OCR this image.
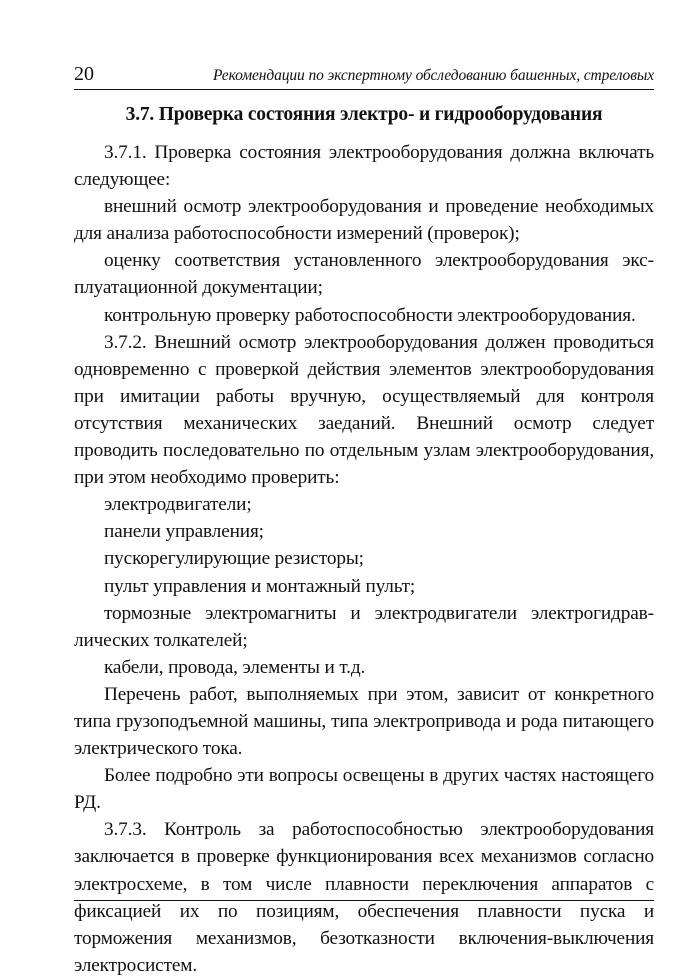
20	Рекомендации по экспертному обследованию башенных, стреловых
3.7. Проверка состояния электро- и гидрооборудования

3.7.1. Проверка состояния электрооборудования должна включать следующее:

внешний осмотр электрооборудования и проведение необходимых для анализа работоспособности измерений (проверок);

оценку соответствия установленного электрооборудования эксплуатационной документации;

контрольную проверку работоспособности электрооборудования.

3.7.2. Внешний осмотр электрооборудования должен проводиться одновременно с проверкой действия элементов электрооборудования при имитации работы вручную, осуществляемый для контроля отсутствия механических заеданий. Внешний осмотр следует проводить последовательно по отдельным узлам электрооборудования, при этом необходимо проверить:

электродвигатели;

панели управления;

пускорегулирующие резисторы;

пульт управления и монтажный пульт;

тормозные электромагниты и электродвигатели электрогидравлических толкателей;

кабели, провода, элементы и т.д.

Перечень работ, выполняемых при этом, зависит от конкретного типа грузоподъемной машины, типа электропривода и рода питающего электрического тока.

Более подробно эти вопросы освещены в других частях настоящего РД.

3.7.3. Контроль за работоспособностью электрооборудования заключается в проверке функционирования всех механизмов согласно электросхеме, в том числе плавности переключения аппаратов с фиксацией их по позициям, обеспечения плавности пуска и торможения механизмов, безотказности включения-выключения электросистем.
